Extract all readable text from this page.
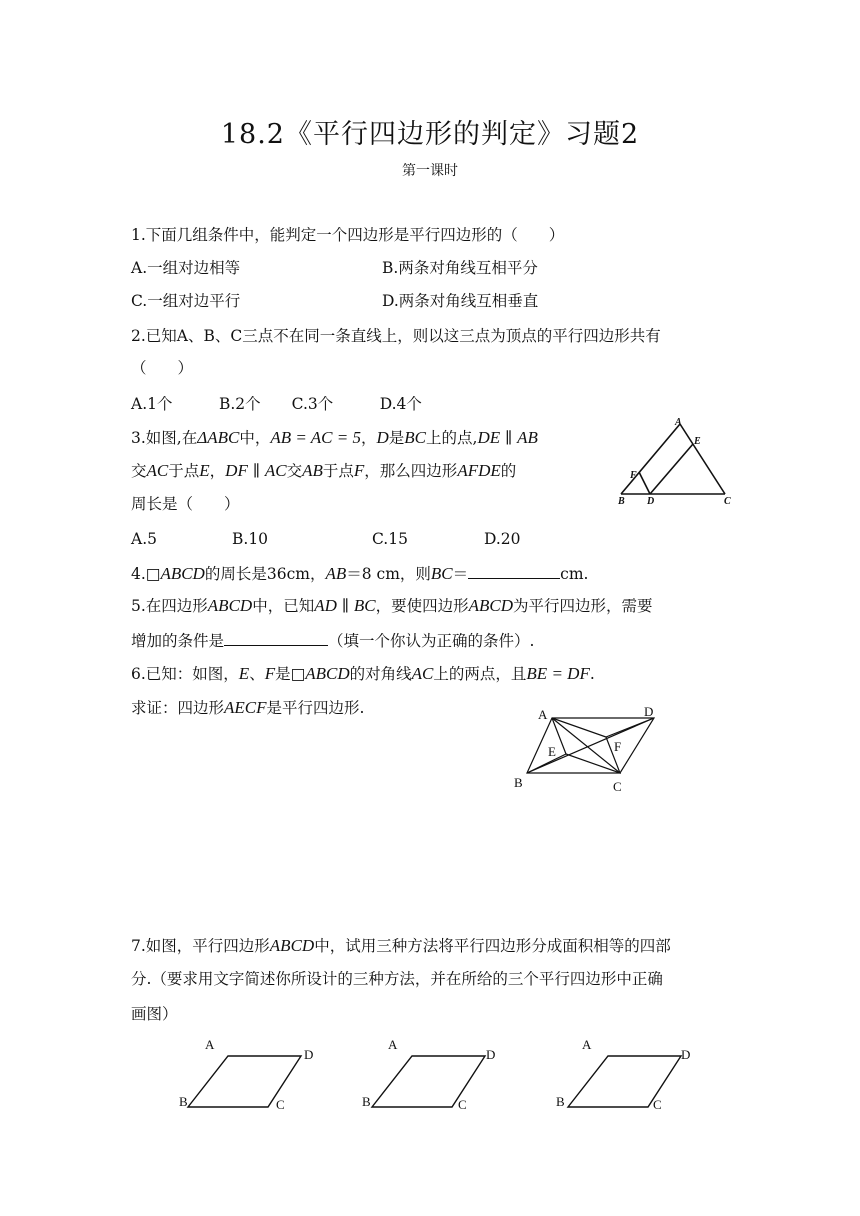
18.2《平行四边形的判定》习题2
第一课时
1.下面几组条件中，能判定一个四边形是平行四边形的（　　）
A.一组对边相等	B.两条对角线互相平分
C.一组对边平行	D.两条对角线互相垂直
2.已知A、B、C三点不在同一条直线上，则以这三点为顶点的平行四边形共有
（　　）
A.1个　　　B.2个　　C.3个　　　D.4个
3.如图,在ΔABC中，AB = AC = 5，D是BC上的点,DE ∥ AB
交AC于点E，DF ∥ AC交AB于点F，那么四边形AFDE的
周长是（　　）
A.5	B.10	C.15	D.20
A
E
F
B D	C
4.□ABCD的周长是36cm，AB＝8 cm，则BC＝	cm.
5.在四边形ABCD中，已知AD ∥ BC，要使四边形ABCD为平行四边形，需要
增加的条件是	（填一个你认为正确的条件）.
6.已知：如图，E、F是□ABCD的对角线AC上的两点，且BE = DF.
求证：四边形AECF是平行四边形.	A	D
E	F
B	C
7.如图，平行四边形ABCD中，试用三种方法将平行四边形分成面积相等的四部
分.（要求用文字简述你所设计的三种方法，并在所给的三个平行四边形中正确
画图）
A
D
B	C
A
D
B	C
A
D
B	C
